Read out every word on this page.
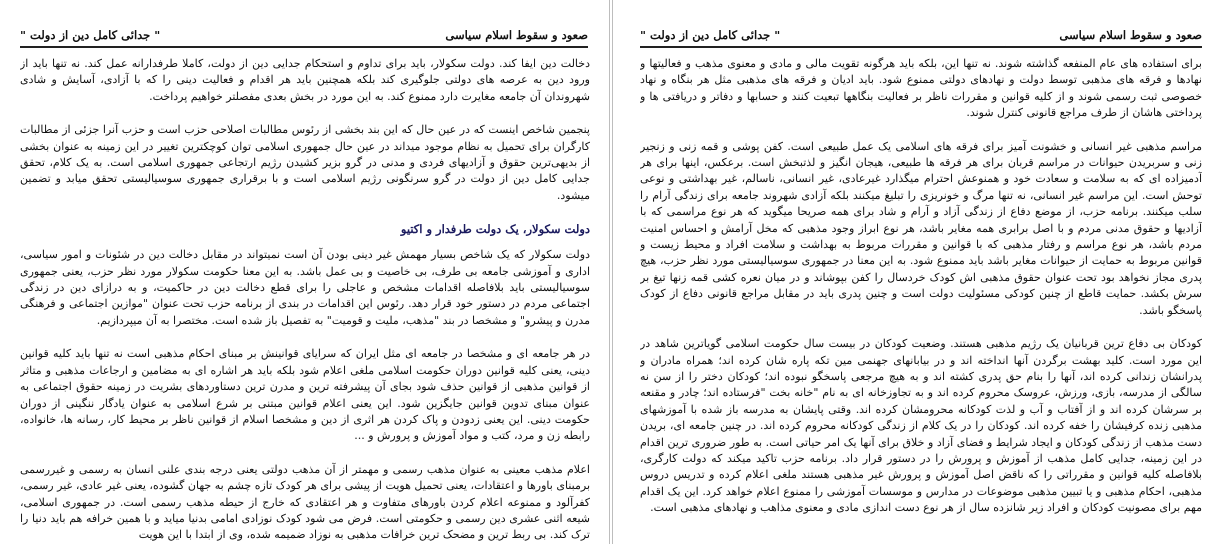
صعود و سقوط اسلام سیاسی
" جدائی کامل دین از دولت "

دخالت دین ایفا کند. دولت سکولار، باید برای تداوم و استحکام جدایی دین از دولت، کاملا طرفدارانه عمل کند. نه تنها باید از ورود دین به عرصه های دولتی جلوگیری کند بلکه همچنین باید هر اقدام و فعالیت دینی را که با آزادی، آسایش و شادی شهروندان آن جامعه مغایرت دارد ممنوع کند. به این مورد در بخش بعدی مفصلتر خواهیم پرداخت.

پنجمین شاخص اینست که در عین حال که این بند بخشی از رئوس مطالبات اصلاحی حزب است و حزب آنرا جزئی از مطالبات کارگران برای تحمیل به نظام موجود میداند در عین حال جمهوری اسلامی توان کوچکترین تغییر در این زمینه به عنوان بخشی از بدیهی‌ترین حقوق و آزادیهای فردی و مدنی در گرو بزیر کشیدن رژیم ارتجاعی جمهوری اسلامی است. به یک کلام، تحقق جدایی کامل دین از دولت در گرو سرنگونی رژیم اسلامی است و با برقراری جمهوری سوسیالیستی تحقق میابد و تضمین میشود.

دولت سکولار، یک دولت طرفدار و اکتیو

دولت سکولار که یک شاخص بسیار مهمش غیر دینی بودن آن است نمیتواند در مقابل دخالت دین در شئونات و امور سیاسی، اداری و آموزشی جامعه بی طرف، بی خاصیت و بی عمل باشد. به این معنا حکومت سکولار مورد نظر حزب، یعنی جمهوری سوسیالیستی باید بلافاصله اقدامات مشخص و عاجلی را برای قطع دخالت دین در حاکمیت، و به درازای دین در زندگی اجتماعی مردم در دستور خود قرار دهد. رئوس این اقدامات در بندی از برنامه حزب تحت عنوان "موازین اجتماعی و فرهنگی مدرن و پیشرو" و مشخصا در بند "مذهب، ملیت و قومیت" به تفصیل باز شده است. مختصرا به آن میپردازیم.

در هر جامعه ای و مشخصا در جامعه ای مثل ایران که سرایای قوانینش بر مبنای احکام مذهبی است نه تنها باید کلیه قوانین دینی، یعنی کلیه قوانین دوران حکومت اسلامی ملغی اعلام شود بلکه باید هر اشاره ای به مضامین و ارجاعات مذهبی و متاثر از قوانین مذهبی از قوانین حذف شود بجای آن پیشرفته ترین و مدرن ترین دستاوردهای بشریت در زمینه حقوق اجتماعی به عنوان مبنای تدوین قوانین جایگزین شود. این یعنی اعلام قوانین مبتنی بر شرع اسلامی به عنوان یادگار ننگینی از دوران حکومت دینی. این یعنی زدودن و پاک کردن هر اثری از دین و مشخصا اسلام از قوانین ناظر بر محیط کار، رسانه ها، خانواده، رابطه زن و مرد، کتب و مواد آموزش و پرورش و ...

اعلام مذهب معینی به عنوان مذهب رسمی و مهمتر از آن مذهب دولتی یعنی درجه بندی علنی انسان به رسمی و غیررسمی برمبنای باورها و اعتقادات، یعنی تحمیل هویت از پیشی برای هر کودک تازه چشم به جهان گشوده، یعنی غیر عادی، غیر رسمی، کفرآلود و ممنوعه اعلام کردن باورهای متفاوت و هر اعتقادی که خارج از حیطه مذهب رسمی است. در جمهوری اسلامی، شیعه اثنی عشری دین رسمی و حکومتی است. فرض می شود کودک نوزادی امامی بدنیا میاید و با همین خرافه هم باید دنیا را ترک کند. بی ربط ترین و مضحک ترین خرافات مذهبی به نوزاد ضمیمه شده، وی از ابتدا با این هویت

صعود و سقوط اسلام سیاسی
" جدائی کامل دین از دولت "

برای استفاده های عام المنفعه گذاشته شوند. نه تنها این، بلکه باید هرگونه تقویت مالی و مادی و معنوی مذهب و فعالیتها و نهادها و فرقه های مذهبی توسط دولت و نهادهای دولتی ممنوع شود. باید ادیان و فرقه های مذهبی مثل هر بنگاه و نهاد خصوصی ثبت رسمی شوند و از کلیه قوانین و مقررات ناظر بر فعالیت بنگاهها تبعیت کنند و حسابها و دفاتر و دریافتی ها و پرداختی هاشان از طرف مراجع قانونی کنترل شوند.

مراسم مذهبی غیر انسانی و خشونت آمیز برای فرقه های اسلامی یک عمل طبیعی است. کفن پوشی و قمه زنی و زنجیر زنی و سربریدن حیوانات در مراسم قربان برای هر فرقه ها طبیعی، هیجان انگیز و لذتبخش است. برعکس، اینها برای هر آدمیزاده ای که به سلامت و سعادت خود و همنوعش احترام میگذارد غیرعادی، غیر انسانی، ناسالم، غیر بهداشتی و نوعی توحش است. این مراسم غیر انسانی، نه تنها مرگ و خونریزی را تبلیغ میکنند بلکه آزادی شهروند جامعه برای زندگی آرام را سلب میکنند. برنامه حزب، از موضع دفاع از زندگی آزاد و آرام و شاد برای همه صریحا میگوید که هر نوع مراسمی که با آزادیها و حقوق مدنی مردم و با اصل برابری همه مغایر باشد، هر نوع ابراز وجود مذهبی که مخل آرامش و احساس امنیت مردم باشد، هر نوع مراسم و رفتار مذهبی که با قوانین و مقررات مربوط به بهداشت و سلامت افراد و محیط زیست و قوانین مربوط به حمایت از حیوانات مغایر باشد باید ممنوع شود. به این معنا در جمهوری سوسیالیستی مورد نظر حزب، هیچ پدری مجاز نخواهد بود تحت عنوان حقوق مذهبی اش کودک خردسال را کفن بپوشاند و در میان نعره کشی قمه زنها تیغ بر سرش بکشد. حمایت قاطع از چنین کودکی مسئولیت دولت است و چنین پدری باید در مقابل مراجع قانونی دفاع از کودک پاسخگو باشد.

کودکان بی دفاع ترین قربانیان یک رژیم مذهبی هستند. وضعیت کودکان در بیست سال حکومت اسلامی گویاترین شاهد در این مورد است. کلید بهشت برگردن آنها انداخته اند و در بیابانهای جهنمی مین تکه پاره شان کرده اند؛ همراه مادران و پدرانشان زندانی کرده اند، آنها را بنام حق پدری کشته اند و به هیچ مرجعی پاسخگو نبوده اند؛ کودکان دختر را از سن نه سالگی از مدرسه، بازی، ورزش، عروسک محروم کرده اند و به تجاوزخانه ای به نام "خانه بخت "فرستاده اند؛ چادر و مقنعه بر سرشان کرده اند و از آفتاب و آب و لذت کودکانه محرومشان کرده اند. وقتی پایشان به مدرسه باز شده با آموزشهای مذهبی زنده کرفیشان را خفه کرده اند. کودکان را در یک کلام از زندگی کودکانه محروم کرده اند. در چنین جامعه ای، بریدن دست مذهب از زندگی کودکان و ایجاد شرایط و فضای آزاد و خلاق برای آنها یک امر حیاتی است. به طور ضروری ترین اقدام در این زمینه، جدایی کامل مذهب از آموزش و پرورش را در دستور قرار داد. برنامه حزب تاکید میکند که دولت کارگری، بلافاصله کلیه قوانین و مقرراتی را که ناقض اصل آموزش و پرورش غیر مذهبی هستند ملغی اعلام کرده و تدریس دروس مذهبی، احکام مذهبی و یا تبیین مذهبی موضوعات در مدارس و موسسات آموزشی را ممنوع اعلام خواهد کرد. این یک اقدام مهم برای مصونیت کودکان و افراد زیر شانزده سال از هر نوع دست اندازی مادی و معنوی مذاهب و نهادهای مذهبی است.
